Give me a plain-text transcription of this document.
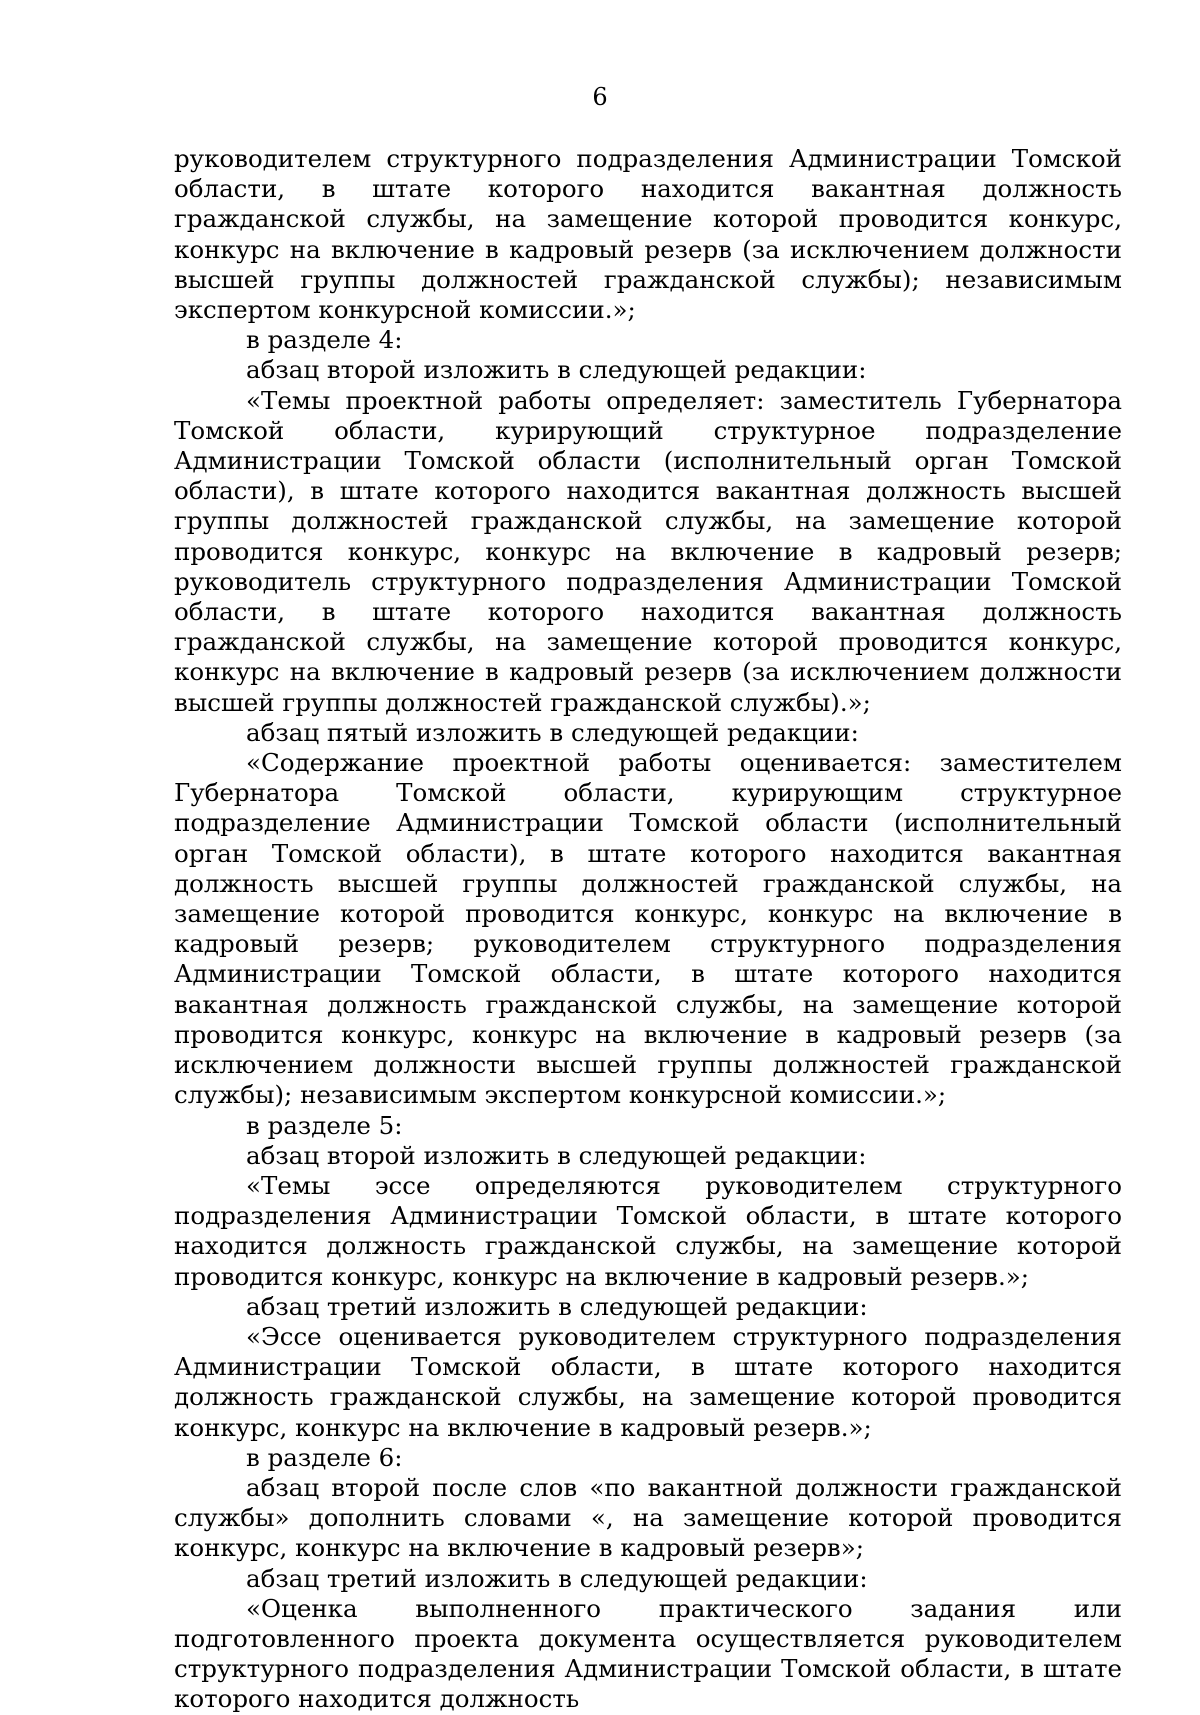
6

руководителем структурного подразделения Администрации Томской области, в штате которого находится вакантная должность гражданской службы, на замещение которой проводится конкурс, конкурс на включение в кадровый резерв (за исключением должности высшей группы должностей гражданской службы); независимым экспертом конкурсной комиссии.»;

в разделе 4:

абзац второй изложить в следующей редакции:

«Темы проектной работы определяет: заместитель Губернатора Томской области, курирующий структурное подразделение Администрации Томской области (исполнительный орган Томской области), в штате которого находится вакантная должность высшей группы должностей гражданской службы, на замещение которой проводится конкурс, конкурс на включение в кадровый резерв; руководитель структурного подразделения Администрации Томской области, в штате которого находится вакантная должность гражданской службы, на замещение которой проводится конкурс, конкурс на включение в кадровый резерв (за исключением должности высшей группы должностей гражданской службы).»;

абзац пятый изложить в следующей редакции:

«Содержание проектной работы оценивается: заместителем Губернатора Томской области, курирующим структурное подразделение Администрации Томской области (исполнительный орган Томской области), в штате которого находится вакантная должность высшей группы должностей гражданской службы, на замещение которой проводится конкурс, конкурс на включение в кадровый резерв; руководителем структурного подразделения Администрации Томской области, в штате которого находится вакантная должность гражданской службы, на замещение которой проводится конкурс, конкурс на включение в кадровый резерв (за исключением должности высшей группы должностей гражданской службы); независимым экспертом конкурсной комиссии.»;

в разделе 5:

абзац второй изложить в следующей редакции:

«Темы эссе определяются руководителем структурного подразделения Администрации Томской области, в штате которого находится должность гражданской службы, на замещение которой проводится конкурс, конкурс на включение в кадровый резерв.»;

абзац третий изложить в следующей редакции:

«Эссе оценивается руководителем структурного подразделения Администрации Томской области, в штате которого находится должность гражданской службы, на замещение которой проводится конкурс, конкурс на включение в кадровый резерв.»;

в разделе 6:

абзац второй после слов «по вакантной должности гражданской службы» дополнить словами «, на замещение которой проводится конкурс, конкурс на включение в кадровый резерв»;

абзац третий изложить в следующей редакции:

«Оценка выполненного практического задания или подготовленного проекта документа осуществляется руководителем структурного подразделения Администрации Томской области, в штате которого находится должность
